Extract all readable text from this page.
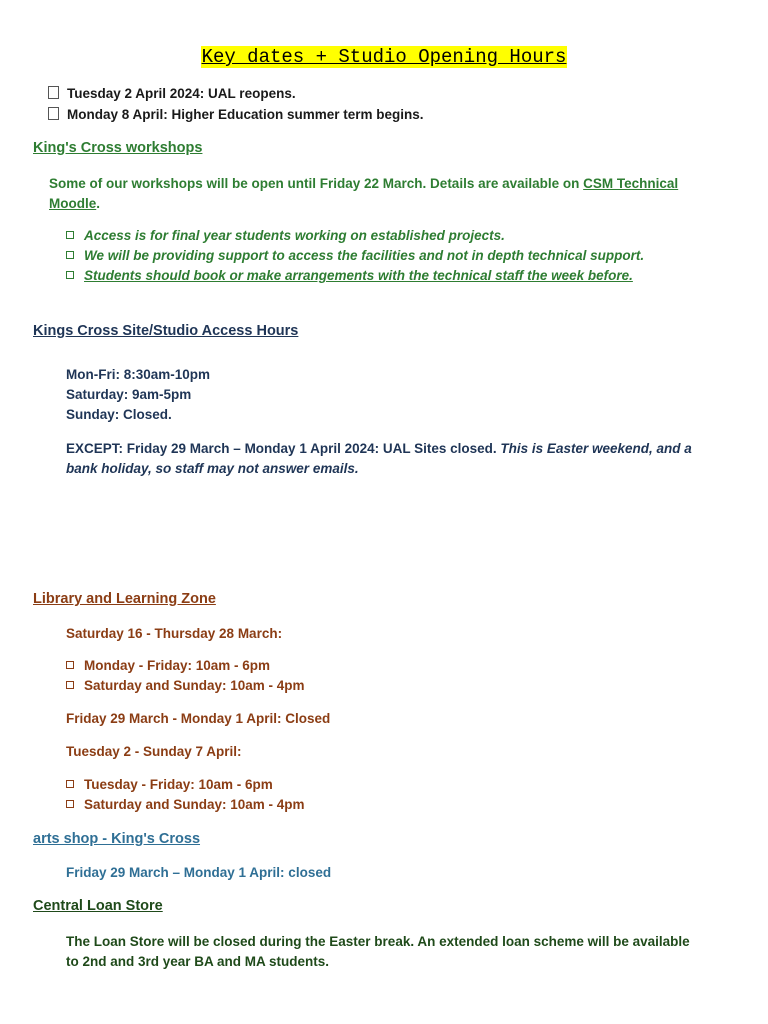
Key dates + Studio Opening Hours
Tuesday 2 April 2024: UAL reopens.
Monday 8 April: Higher Education summer term begins.
King's Cross workshops
Some of our workshops will be open until Friday 22 March. Details are available on CSM Technical
Moodle.
Access is for final year students working on established projects.
We will be providing support to access the facilities and not in depth technical support.
Students should book or make arrangements with the technical staff the week before.
Kings Cross Site/Studio Access Hours
Mon-Fri: 8:30am-10pm
Saturday: 9am-5pm
Sunday: Closed.
EXCEPT: Friday 29 March – Monday 1 April 2024: UAL Sites closed. This is Easter weekend, and a
bank holiday, so staff may not answer emails.
Library and Learning Zone
Saturday 16 - Thursday 28 March:
Monday - Friday: 10am - 6pm
Saturday and Sunday: 10am - 4pm
Friday 29 March - Monday 1 April: Closed
Tuesday 2 - Sunday 7 April:
Tuesday - Friday: 10am - 6pm
Saturday and Sunday: 10am - 4pm
arts shop - King's Cross
Friday 29 March – Monday 1 April: closed
Central Loan Store
The Loan Store will be closed during the Easter break. An extended loan scheme will be available
to 2nd and 3rd year BA and MA students.
